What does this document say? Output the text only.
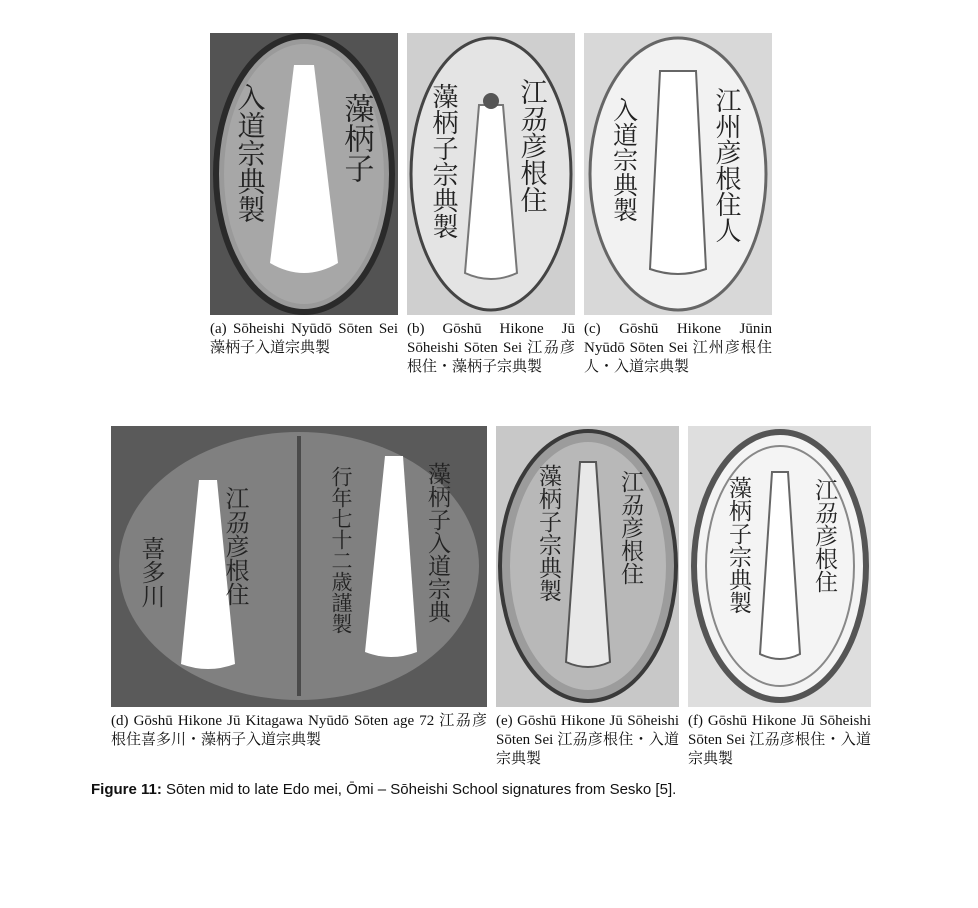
藻柄子
入道宗典製	江刕彦根住
藻柄子宗典製	江州彦根住人
入道宗典製
(a) Sōheishi Nyūdō Sōten Sei 藻柄子入道宗典製
(b) Gōshū Hikone Jū Sōheishi Sōten Sei 江刕彦根住・藻柄子宗典製
(c) Gōshū Hikone Jūnin Nyūdō Sōten Sei 江州彦根住人・入道宗典製
江刕彦根住
喜多川	藻柄子入道宗典
行年七十二歳謹製	江刕彦根住
藻柄子宗典製	江刕彦根住
藻柄子宗典製
(d) Gōshū Hikone Jū Kitagawa Nyūdō Sōten age 72 江刕彦根住喜多川・藻柄子入道宗典製
(e) Gōshū Hikone Jū Sōheishi Sōten Sei 江刕彦根住・入道宗典製
(f) Gōshū Hikone Jū Sōheishi Sōten Sei 江刕彦根住・入道宗典製
Figure 11: Sōten mid to late Edo mei, Ōmi – Sōheishi School signatures from Sesko [5].
